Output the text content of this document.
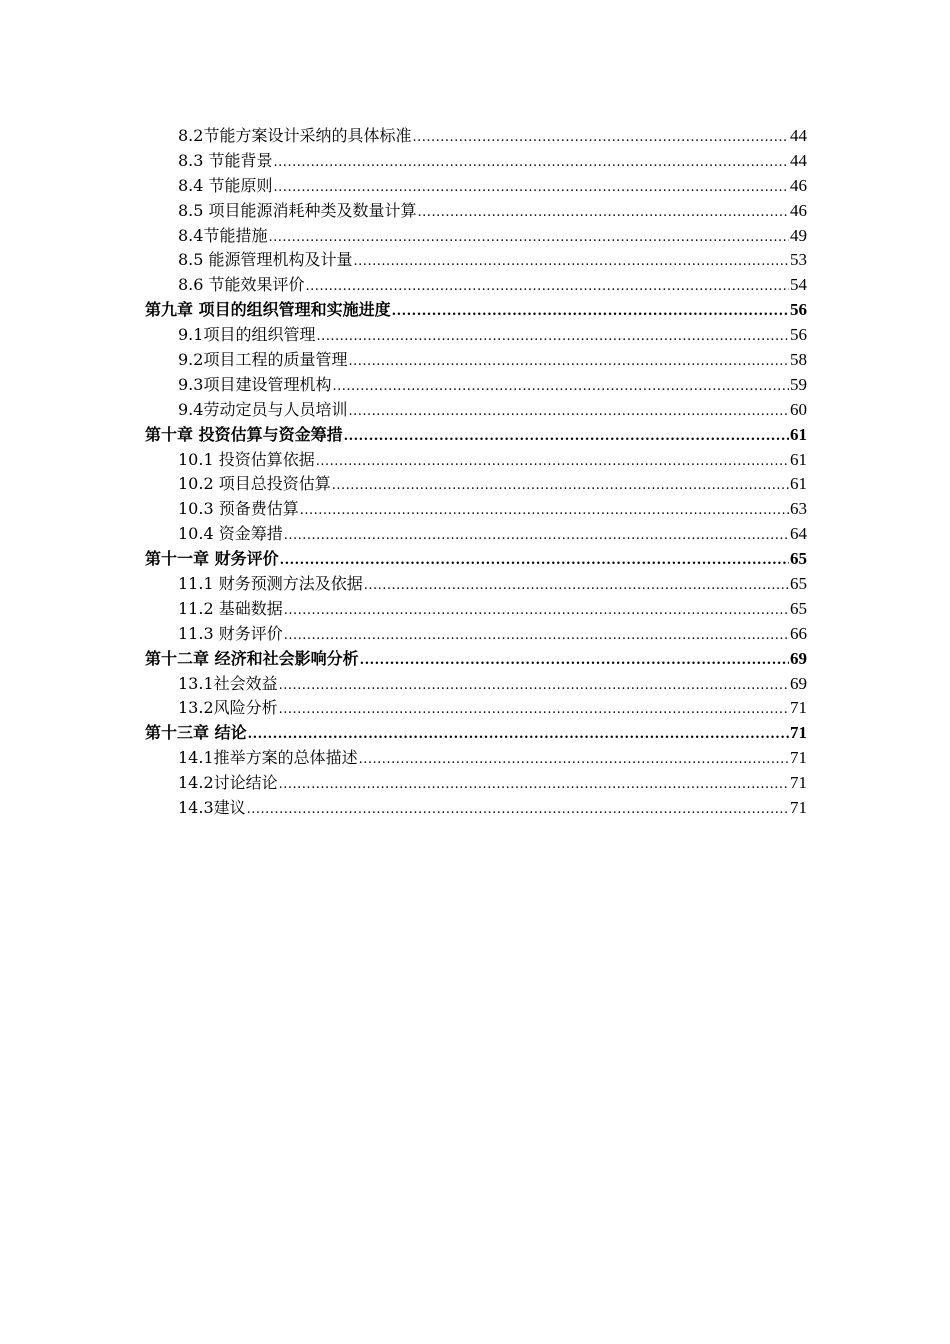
8.2节能方案设计采纳的具体标准 .....	44
8.3 节能背景 .....	44
8.4 节能原则 .....	46
8.5 项目能源消耗种类及数量计算 .....	46
8.4节能措施 .....	49
8.5 能源管理机构及计量 .....	53
8.6 节能效果评价 .....	54
第九章 项目的组织管理和实施进度 .....	56
9.1项目的组织管理 .....	56
9.2项目工程的质量管理 .....	58
9.3项目建设管理机构 .....	59
9.4劳动定员与人员培训 .....	60
第十章 投资估算与资金筹措 .....	61
10.1 投资估算依据 .....	61
10.2 项目总投资估算 .....	61
10.3 预备费估算 .....	63
10.4 资金筹措 .....	64
第十一章 财务评价 .....	65
11.1 财务预测方法及依据 .....	65
11.2 基础数据 .....	65
11.3 财务评价 .....	66
第十二章 经济和社会影响分析 .....	69
13.1社会效益 .....	69
13.2风险分析 .....	71
第十三章 结论 .....	71
14.1推举方案的总体描述 .....	71
14.2讨论结论 .....	71
14.3建议 .....	71
